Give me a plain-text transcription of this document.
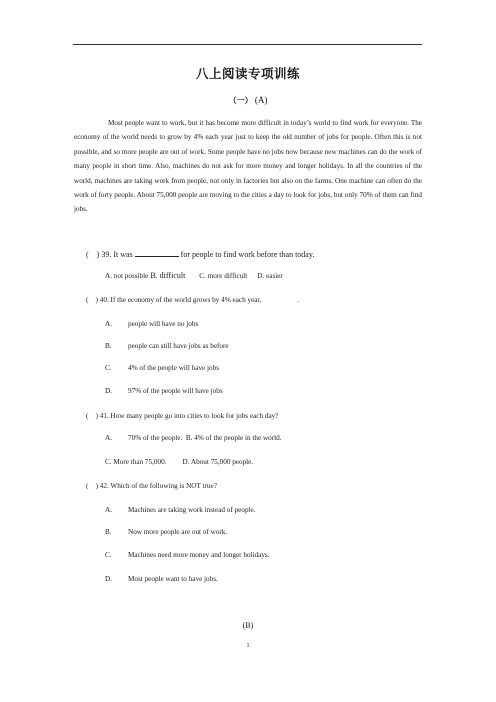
八上阅读专项训练
（一） (A)

Most people want to work, but it has become more difficult in today’s world to find work for everyone. The economy of the world needs to grow by 4% each year just to keep the old number of jobs for people. Often this is not possible, and so more people are out of work. Some people have no jobs now because new machines can do the work of many people in short time. Also, machines do not ask for more money and longer holidays. In all the countries of the world, machines are taking work from people, not only in factories but also on the farms. One machine can often do the work of forty people. About 75,000 people are moving to the cities a day to look for jobs, but only 70% of them can find jobs.

(　) 39. It was	for people to find work before than today.
A. not possible B. difficult C. more difficult D. easier
(　) 40. If the economy of the world grows by 4% each year,　　　　　.
A. people will have no jobs
B. people can still have jobs as before
C. 4% of the people will have jobs
D. 97% of the people will have jobs
(　) 41. How many people go into cities to look for jobs each day?
A. 70% of the people. B. 4% of the people in the world.
C. More than 75,000. D. About 75,000 people.
(　) 42. Which of the following is NOT true?
A. Machines are taking work instead of people.
B. Now more people are out of work.
C. Machines need more money and longer holidays.
D. Most people want to have jobs.
(B)
1
